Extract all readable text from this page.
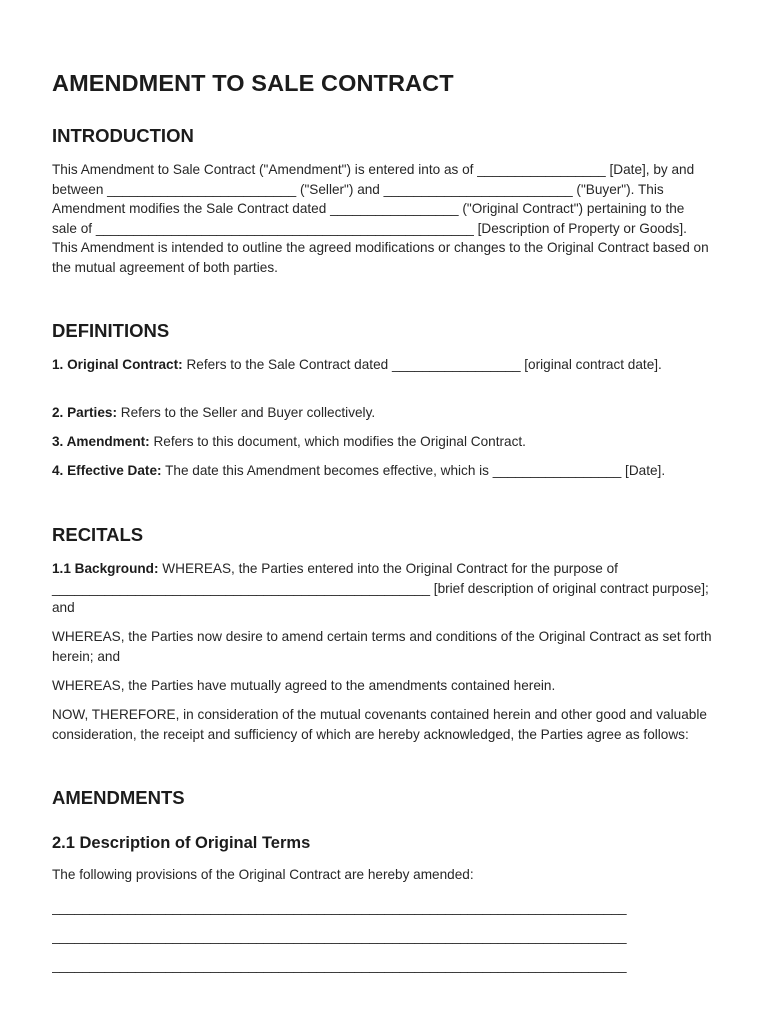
AMENDMENT TO SALE CONTRACT
INTRODUCTION

This Amendment to Sale Contract ("Amendment") is entered into as of _________________ [Date], by and between _________________________ ("Seller") and _________________________ ("Buyer"). This Amendment modifies the Sale Contract dated _________________ ("Original Contract") pertaining to the sale of __________________________________________________ [Description of Property or Goods]. This Amendment is intended to outline the agreed modifications or changes to the Original Contract based on the mutual agreement of both parties.

DEFINITIONS

1. Original Contract: Refers to the Sale Contract dated _________________ [original contract date].

2. Parties: Refers to the Seller and Buyer collectively.

3. Amendment: Refers to this document, which modifies the Original Contract.

4. Effective Date: The date this Amendment becomes effective, which is _________________ [Date].

RECITALS

1.1 Background: WHEREAS, the Parties entered into the Original Contract for the purpose of __________________________________________________ [brief description of original contract purpose]; and

WHEREAS, the Parties now desire to amend certain terms and conditions of the Original Contract as set forth herein; and

WHEREAS, the Parties have mutually agreed to the amendments contained herein.

NOW, THEREFORE, in consideration of the mutual covenants contained herein and other good and valuable consideration, the receipt and sufficiency of which are hereby acknowledged, the Parties agree as follows:

AMENDMENTS
2.1 Description of Original Terms

The following provisions of the Original Contract are hereby amended:

____________________________________________________________________________
____________________________________________________________________________
____________________________________________________________________________
